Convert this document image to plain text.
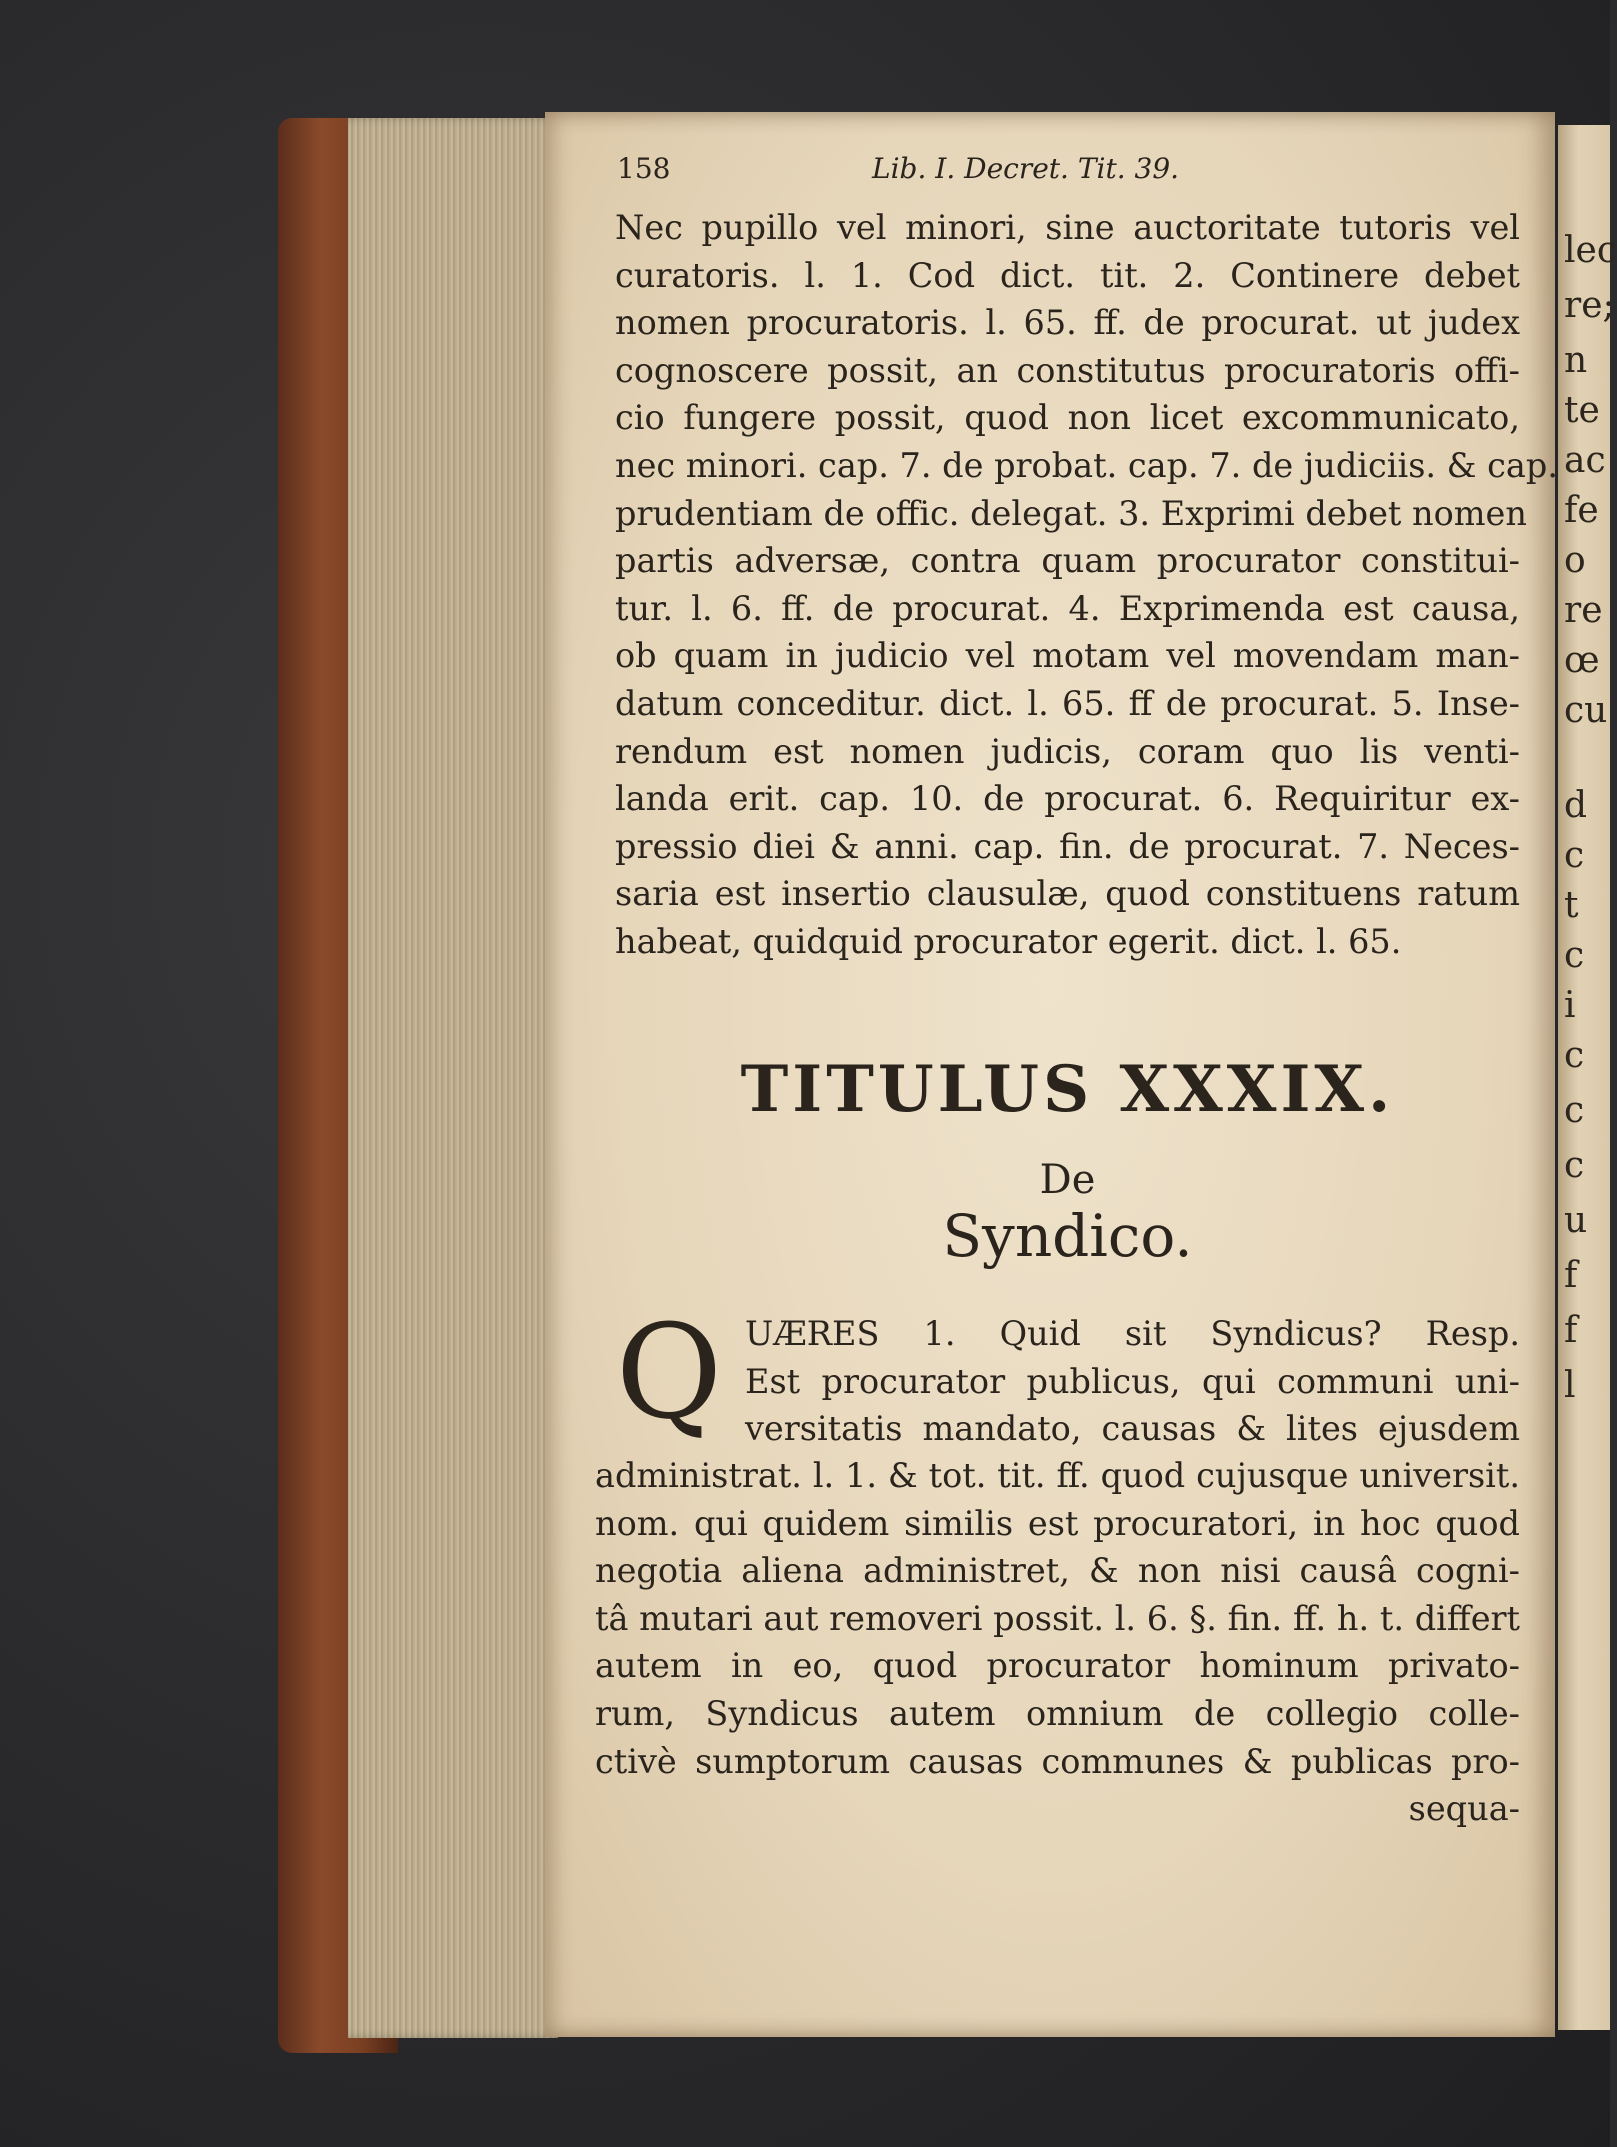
158	Lib. I. Decret. Tit. 39.
Nec pupillo vel minori, sine auctoritate tutoris vel
curatoris. l. 1. Cod dict. tit. 2. Continere debet
nomen procuratoris. l. 65. ff. de procurat. ut judex
cognoscere possit, an constitutus procuratoris offi-
cio fungere possit, quod non licet excommunicato,
nec minori. cap. 7. de probat. cap. 7. de judiciis. & cap.
prudentiam de offic. delegat. 3. Exprimi debet nomen
partis adversæ, contra quam procurator constitui-
tur. l. 6. ff. de procurat. 4. Exprimenda est causa,
ob quam in judicio vel motam vel movendam man-
datum conceditur. dict. l. 65. ff de procurat. 5. Inse-
rendum est nomen judicis, coram quo lis venti-
landa erit. cap. 10. de procurat. 6. Requiritur ex-
pressio diei & anni. cap. fin. de procurat. 7. Neces-
saria est insertio clausulæ, quod constituens ratum
habeat, quidquid procurator egerit. dict. l. 65.
TITULUS XXXIX.
De
Syndico.
Q UÆRES 1. Quid sit Syndicus? Resp.
Est procurator publicus, qui communi uni-
versitatis mandato, causas & lites ejusdem
administrat. l. 1. & tot. tit. ff. quod cujusque universit.
nom. qui quidem similis est procuratori, in hoc quod
negotia aliena administret, & non nisi causâ cogni-
tâ mutari aut removeri possit. l. 6. §. fin. ff. h. t. differt
autem in eo, quod procurator hominum privato-
rum, Syndicus autem omnium de collegio colle-
ctivè sumptorum causas communes & publicas pro-
sequa-
lec
re;
n
te
ac
fe
o
re
œ
cu
d
c
t
c
i
c
c
c
u
f
f
l
